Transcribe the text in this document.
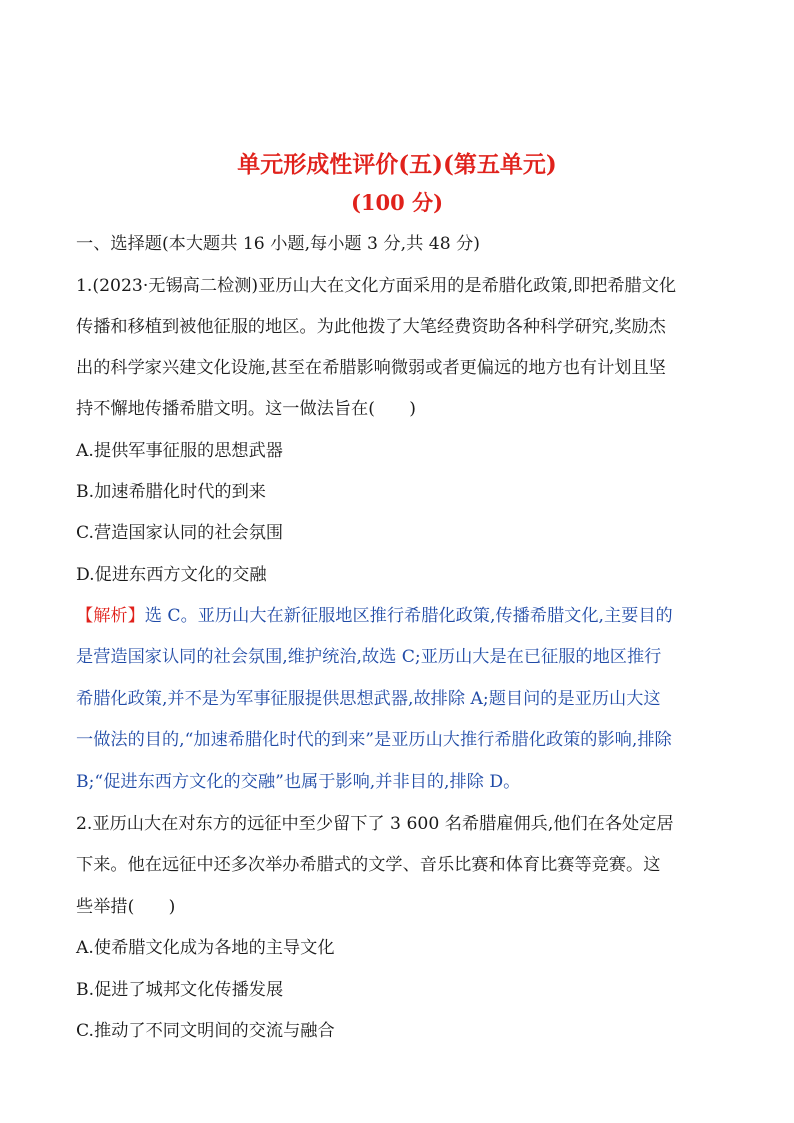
单元形成性评价(五)(第五单元)
(100 分)
一、选择题(本大题共 16 小题,每小题 3 分,共 48 分)
1.(2023·无锡高二检测)亚历山大在文化方面采用的是希腊化政策,即把希腊文化
传播和移植到被他征服的地区。为此他拨了大笔经费资助各种科学研究,奖励杰
出的科学家兴建文化设施,甚至在希腊影响微弱或者更偏远的地方也有计划且坚
持不懈地传播希腊文明。这一做法旨在(　　)
A.提供军事征服的思想武器
B.加速希腊化时代的到来
C.营造国家认同的社会氛围
D.促进东西方文化的交融
【解析】选 C。亚历山大在新征服地区推行希腊化政策,传播希腊文化,主要目的
是营造国家认同的社会氛围,维护统治,故选 C;亚历山大是在已征服的地区推行
希腊化政策,并不是为军事征服提供思想武器,故排除 A;题目问的是亚历山大这
一做法的目的,“加速希腊化时代的到来”是亚历山大推行希腊化政策的影响,排除
B;“促进东西方文化的交融”也属于影响,并非目的,排除 D。
2.亚历山大在对东方的远征中至少留下了 3 600 名希腊雇佣兵,他们在各处定居
下来。他在远征中还多次举办希腊式的文学、音乐比赛和体育比赛等竞赛。这
些举措(　　)
A.使希腊文化成为各地的主导文化
B.促进了城邦文化传播发展
C.推动了不同文明间的交流与融合
